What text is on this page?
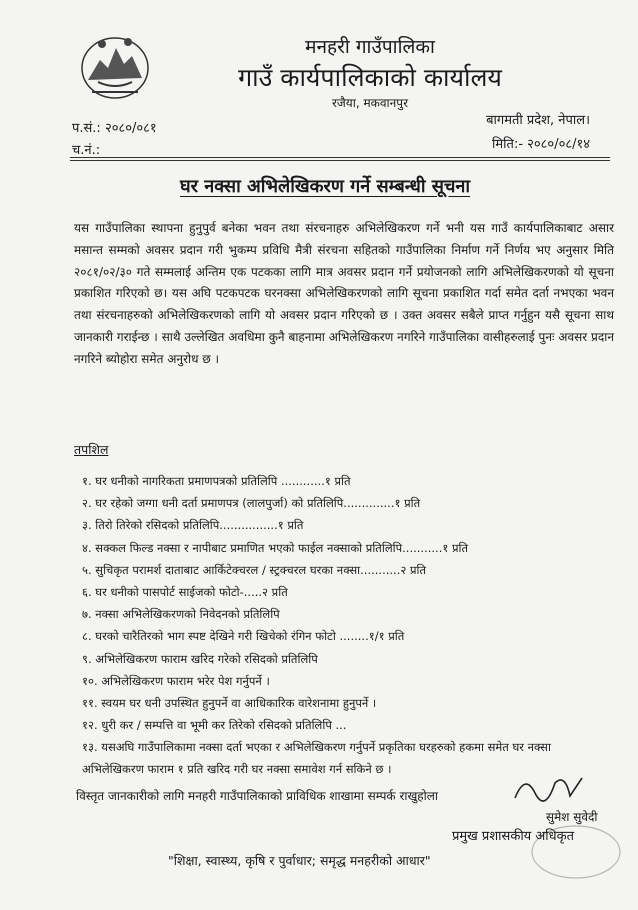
मनहरी गाउँपालिका
गाउँ कार्यपालिकाको कार्यालय
रजैया, मकवानपुर
प.सं.: २०८०/०८१
च.नं.:
बागमती प्रदेश, नेपाल।
मिति:- २०८०/०८/१४
घर नक्सा अभिलेखिकरण गर्ने सम्बन्धी सूचना
यस गाउँपालिका स्थापना हुनुपुर्व बनेका भवन तथा संरचनाहरु अभिलेखिकरण गर्ने भनी यस गाउँ कार्यपालिकाबाट असार मसान्त सम्मको अवसर प्रदान गरी भुकम्प प्रविधि मैत्री संरचना सहितको गाउँपालिका निर्माण गर्ने निर्णय भए अनुसार मिति २०८१/०२/३० गते सम्मलाई अन्तिम एक पटकका लागि मात्र अवसर प्रदान गर्ने प्रयोजनको लागि अभिलेखिकरणको यो सूचना प्रकाशित गरिएको छ। यस अघि पटकपटक घरनक्सा अभिलेखिकरणको लागि सूचना प्रकाशित गर्दा समेत दर्ता नभएका भवन तथा संरचनाहरुको अभिलेखिकरणको लागि यो अवसर प्रदान गरिएको छ । उक्त अवसर सबैले प्राप्त गर्नुहुन यसै सूचना साथ जानकारी गराईन्छ । साथै उल्लेखित अवधिमा कुनै बाहनामा अभिलेखिकरण नगरिने गाउँपालिका वासीहरुलाई पुनः अवसर प्रदान नगरिने ब्योहोरा समेत अनुरोध छ ।
तपशिल
१. घर धनीको नागरिकता प्रमाणपत्रको प्रतिलिपि ............१ प्रति
२. घर रहेको जग्गा धनी दर्ता प्रमाणपत्र (लालपुर्जा) को प्रतिलिपि..............१ प्रति
३. तिरो तिरेको रसिदको प्रतिलिपि................१ प्रति
४. सक्कल फिल्ड नक्सा र नापीबाट प्रमाणित भएको फाईल नक्साको प्रतिलिपि...........१ प्रति
५. सुचिकृत परामर्श दाताबाट आर्किटेक्चरल / स्ट्रक्चरल घरका नक्सा...........२ प्रति
६. घर धनीको पासपोर्ट साईजको फोटो-.....२ प्रति
७. नक्सा अभिलेखिकरणको निवेदनको प्रतिलिपि
८. घरको चारैतिरको भाग स्पष्ट देखिने गरी खिचेको रंगिन फोटो ........१/१ प्रति
९. अभिलेखिकरण फाराम खरिद गरेको रसिदको प्रतिलिपि
१०. अभिलेखिकरण फाराम भरेर पेश गर्नुपर्ने ।
११. स्वयम घर धनी उपस्थित हुनुपर्ने वा आधिकारिक वारेशनामा हुनुपर्ने ।
१२. धुरी कर / सम्पत्ति वा भूमी कर तिरेको रसिदको प्रतिलिपि ...
१३. यसअघि गाउँपालिकामा नक्सा दर्ता भएका र अभिलेखिकरण गर्नुपर्ने प्रकृतिका घरहरुको हकमा समेत घर नक्सा अभिलेखिकरण फाराम १ प्रति खरिद गरी घर नक्सा समावेश गर्न सकिने छ ।
विस्तृत जानकारीको लागि मनहरी गाउँपालिकाको प्राविधिक शाखामा सम्पर्क राखुहोला
सुमेश सुवेदी
प्रमुख प्रशासकीय अधिकृत
"शिक्षा, स्वास्थ्य, कृषि र पुर्वाधार; समृद्ध मनहरीको आधार"
